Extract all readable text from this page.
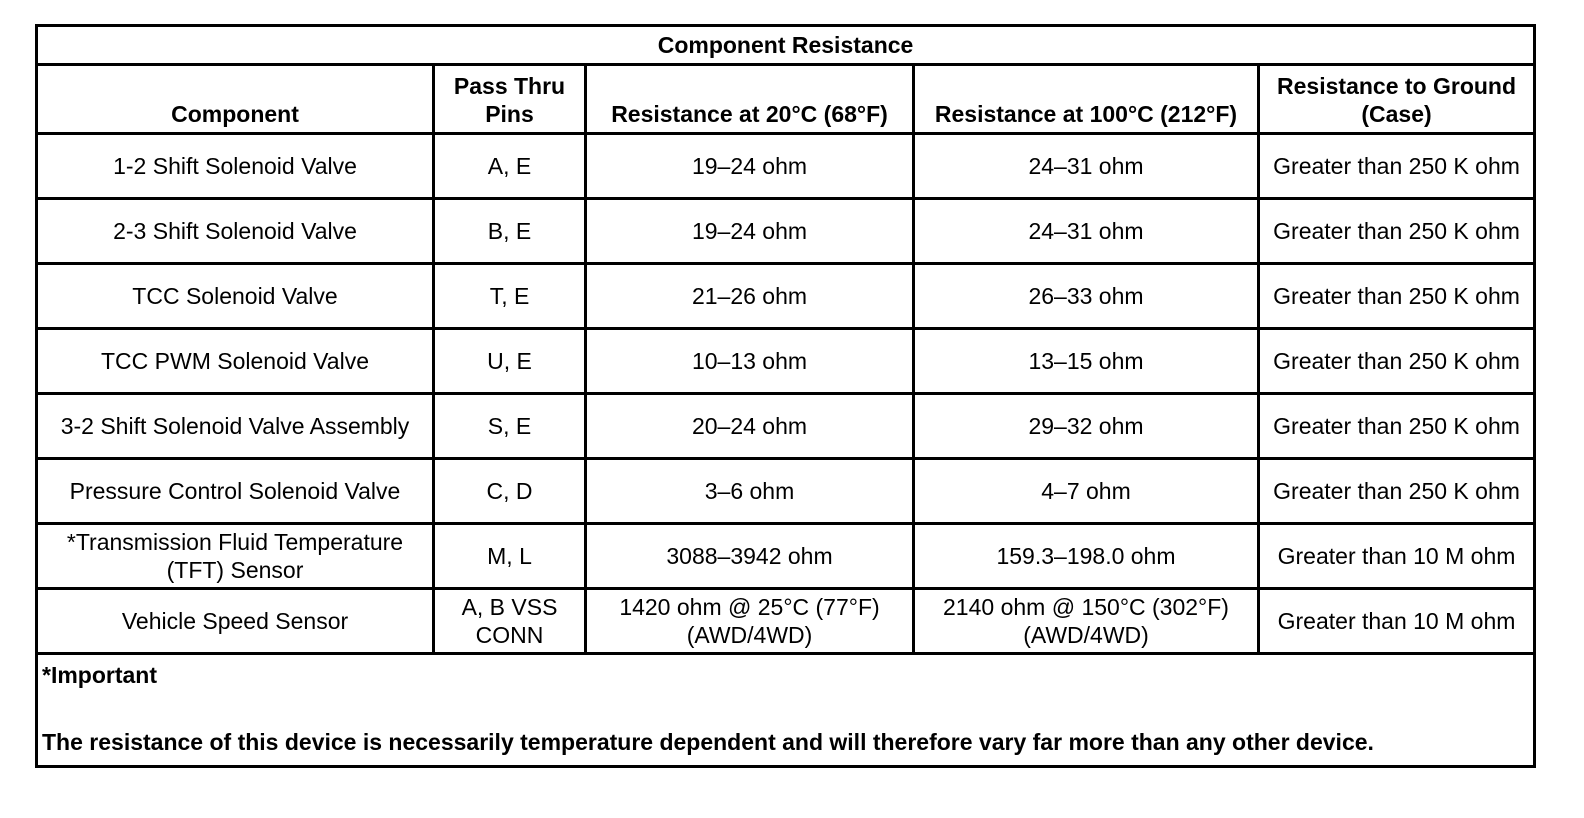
Component Resistance				
Component	Pass Thru Pins	Resistance at 20°C (68°F)	Resistance at 100°C (212°F)	Resistance to Ground (Case)
1-2 Shift Solenoid Valve	A, E	19–24 ohm	24–31 ohm	Greater than 250 K ohm
2-3 Shift Solenoid Valve	B, E	19–24 ohm	24–31 ohm	Greater than 250 K ohm
TCC Solenoid Valve	T, E	21–26 ohm	26–33 ohm	Greater than 250 K ohm
TCC PWM Solenoid Valve	U, E	10–13 ohm	13–15 ohm	Greater than 250 K ohm
3-2 Shift Solenoid Valve Assembly	S, E	20–24 ohm	29–32 ohm	Greater than 250 K ohm
Pressure Control Solenoid Valve	C, D	3–6 ohm	4–7 ohm	Greater than 250 K ohm
*Transmission Fluid Temperature (TFT) Sensor	M, L	3088–3942 ohm	159.3–198.0 ohm	Greater than 10 M ohm
Vehicle Speed Sensor	A, B VSS CONN	1420 ohm @ 25°C (77°F) (AWD/4WD)	2140 ohm @ 150°C (302°F) (AWD/4WD)	Greater than 10 M ohm

*Important
The resistance of this device is necessarily temperature dependent and will therefore vary far more than any other device.				
